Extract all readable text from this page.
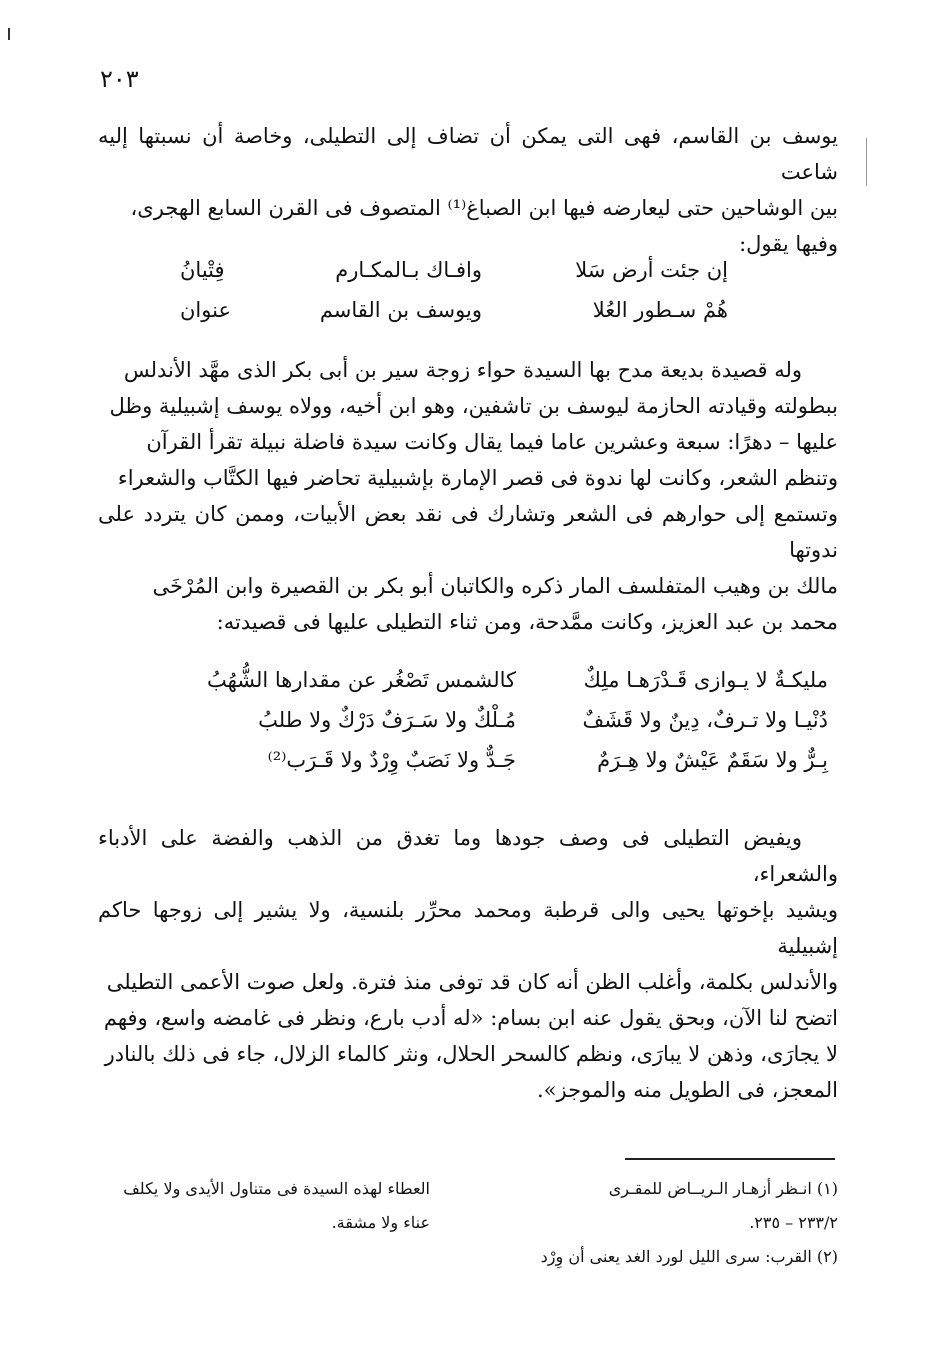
٢٠٣

يوسف بن القاسم، فهى التى يمكن أن تضاف إلى التطيلى، وخاصة أن نسبتها إليه شاعت

بين الوشاحين حتى ليعارضه فيها ابن الصباغ⁽¹⁾ المتصوف فى القرن السابع الهجرى،

وفيها يقول:

إن جئت أرض سَلا
وافـاك بـالمكـارم
فِتْيانُ
هُمْ سـطور العُلا
ويوسف بن القاسم
عنوان

وله قصيدة بديعة مدح بها السيدة حواء زوجة سير بن أبى بكر الذى مهَّد الأندلس

ببطولته وقيادته الحازمة ليوسف بن تاشفين، وهو ابن أخيه، وولاه يوسف إشبيلية وظل

عليها – دهرًا: سبعة وعشرين عاما فيما يقال وكانت سيدة فاضلة نبيلة تقرأ القرآن

وتنظم الشعر، وكانت لها ندوة فى قصر الإمارة بإشبيلية تحاضر فيها الكتَّاب والشعراء

وتستمع إلى حوارهم فى الشعر وتشارك فى نقد بعض الأبيات، وممن كان يتردد على ندوتها

مالك بن وهيب المتفلسف المار ذكره والكاتبان أبو بكر بن القصيرة وابن المُرْخَى

محمد بن عبد العزيز، وكانت ممَّدحة، ومن ثناء التطيلى عليها فى قصيدته:

مليكـةٌ لا يـوازى قَـدْرَهـا ملِكٌ
كالشمس تَصْغُر عن مقدارها الشُّهُبُ
دُنْيـا ولا تـرفٌ، دِينٌ ولا قَشَفٌ
مُـلْكٌ ولا سَـرَفٌ دَرْكٌ ولا طلبُ
بِـرٌّ ولا سَقَمٌ عَيْشٌ ولا هِـرَمٌ
جَـدٌّ ولا نَصَبٌ وِرْدٌ ولا قَـرَب⁽²⁾

ويفيض التطيلى فى وصف جودها وما تغدق من الذهب والفضة على الأدباء والشعراء،

ويشيد بإخوتها يحيى والى قرطبة ومحمد محرِّر بلنسية، ولا يشير إلى زوجها حاكم إشبيلية

والأندلس بكلمة، وأغلب الظن أنه كان قد توفى منذ فترة. ولعل صوت الأعمى التطيلى

اتضح لنا الآن، وبحق يقول عنه ابن بسام: «له أدب بارع، ونظر فى غامضه واسع، وفهم

لا يجارَى، وذهن لا يبارَى، ونظم كالسحر الحلال، ونثر كالماء الزلال، جاء فى ذلك بالنادر

المعجز، فى الطويل منه والموجز».

(١) انـظر أزهـار الـريــاض للمقـرى
٢٣٣/٢ – ٢٣٥.
(٢) القرب: سرى الليل لورد الغد يعنى أن وِرْد
العطاء لهذه السيدة فى متناول الأيدى ولا يكلف
عناء ولا مشقة.
